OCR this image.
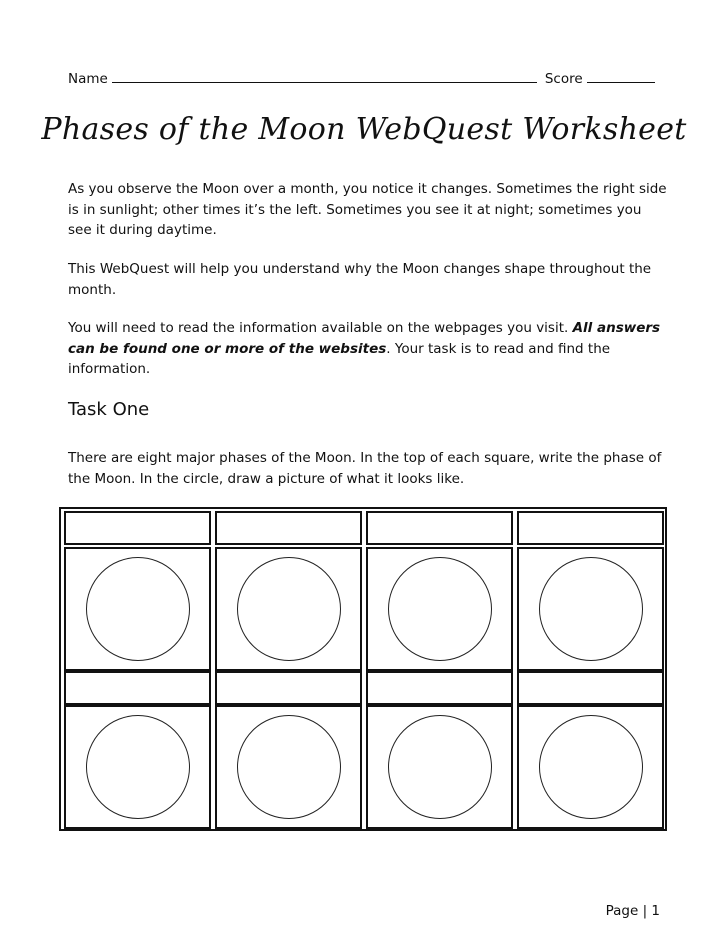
Name	Score
Phases of the Moon WebQuest Worksheet
As you observe the Moon over a month, you notice it changes. Sometimes the right side is in sunlight; other times it’s the left. Sometimes you see it at night; sometimes you see it during daytime.
This WebQuest will help you understand why the Moon changes shape throughout the month.
You will need to read the information available on the webpages you visit. All answers can be found one or more of the websites. Your task is to read and find the information.
Task One
There are eight major phases of the Moon. In the top of each square, write the phase of the Moon. In the circle, draw a picture of what it looks like.
Page | 1
